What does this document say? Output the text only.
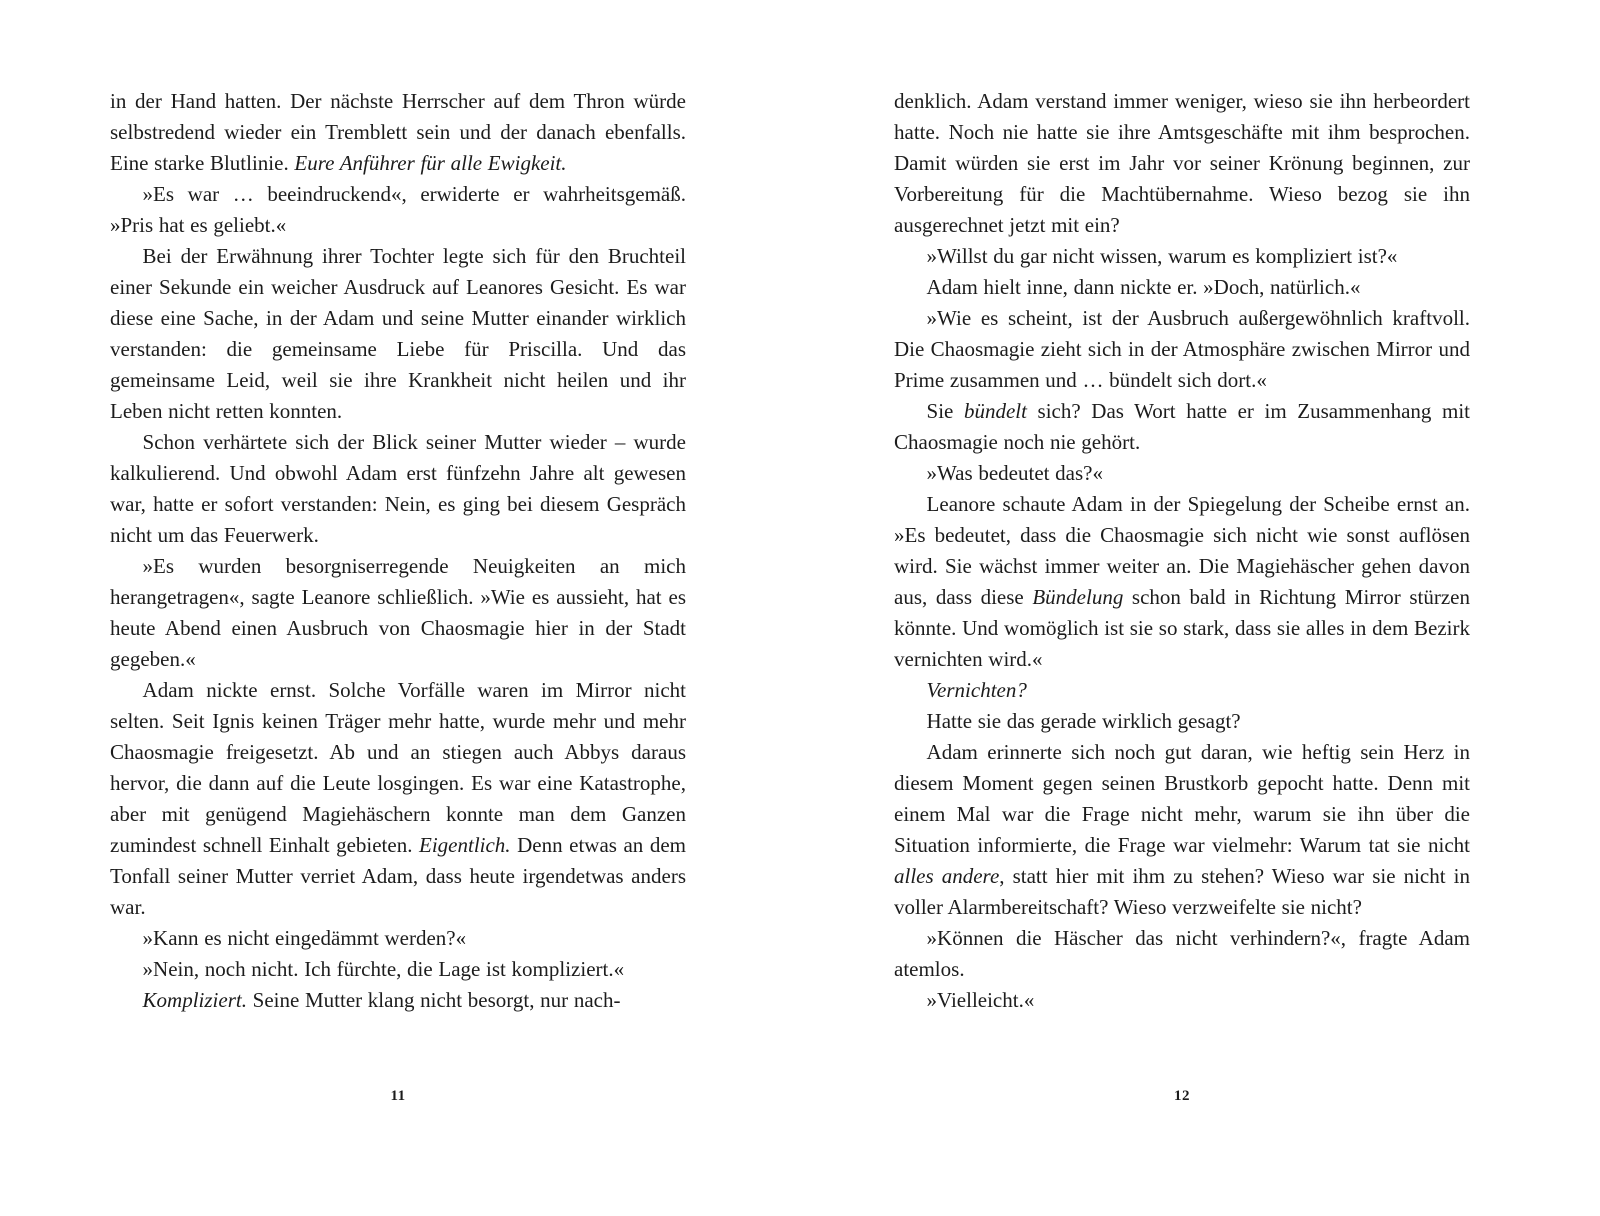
in der Hand hatten. Der nächste Herrscher auf dem Thron würde selbstredend wieder ein Tremblett sein und der danach ebenfalls. Eine starke Blutlinie. Eure Anführer für alle Ewigkeit.

»Es war … beeindruckend«, erwiderte er wahrheitsgemäß. »Pris hat es geliebt.«

Bei der Erwähnung ihrer Tochter legte sich für den Bruchteil einer Sekunde ein weicher Ausdruck auf Leanores Gesicht. Es war diese eine Sache, in der Adam und seine Mutter einander wirklich verstanden: die gemeinsame Liebe für Priscilla. Und das gemeinsame Leid, weil sie ihre Krankheit nicht heilen und ihr Leben nicht retten konnten.

Schon verhärtete sich der Blick seiner Mutter wieder – wurde kalkulierend. Und obwohl Adam erst fünfzehn Jahre alt gewesen war, hatte er sofort verstanden: Nein, es ging bei diesem Gespräch nicht um das Feuerwerk.

»Es wurden besorgniserregende Neuigkeiten an mich herangetragen«, sagte Leanore schließlich. »Wie es aussieht, hat es heute Abend einen Ausbruch von Chaosmagie hier in der Stadt gegeben.«

Adam nickte ernst. Solche Vorfälle waren im Mirror nicht selten. Seit Ignis keinen Träger mehr hatte, wurde mehr und mehr Chaosmagie freigesetzt. Ab und an stiegen auch Abbys daraus hervor, die dann auf die Leute losgingen. Es war eine Katastrophe, aber mit genügend Magiehäschern konnte man dem Ganzen zumindest schnell Einhalt gebieten. Eigentlich. Denn etwas an dem Tonfall seiner Mutter verriet Adam, dass heute irgendetwas anders war.

»Kann es nicht eingedämmt werden?«

»Nein, noch nicht. Ich fürchte, die Lage ist kompliziert.«

Kompliziert. Seine Mutter klang nicht besorgt, nur nach-

denklich. Adam verstand immer weniger, wieso sie ihn herbeordert hatte. Noch nie hatte sie ihre Amtsgeschäfte mit ihm besprochen. Damit würden sie erst im Jahr vor seiner Krönung beginnen, zur Vorbereitung für die Machtübernahme. Wieso bezog sie ihn ausgerechnet jetzt mit ein?

»Willst du gar nicht wissen, warum es kompliziert ist?«

Adam hielt inne, dann nickte er. »Doch, natürlich.«

»Wie es scheint, ist der Ausbruch außergewöhnlich kraftvoll. Die Chaosmagie zieht sich in der Atmosphäre zwischen Mirror und Prime zusammen und … bündelt sich dort.«

Sie bündelt sich? Das Wort hatte er im Zusammenhang mit Chaosmagie noch nie gehört.

»Was bedeutet das?«

Leanore schaute Adam in der Spiegelung der Scheibe ernst an. »Es bedeutet, dass die Chaosmagie sich nicht wie sonst auflösen wird. Sie wächst immer weiter an. Die Magiehäscher gehen davon aus, dass diese Bündelung schon bald in Richtung Mirror stürzen könnte. Und womöglich ist sie so stark, dass sie alles in dem Bezirk vernichten wird.«

Vernichten?

Hatte sie das gerade wirklich gesagt?

Adam erinnerte sich noch gut daran, wie heftig sein Herz in diesem Moment gegen seinen Brustkorb gepocht hatte. Denn mit einem Mal war die Frage nicht mehr, warum sie ihn über die Situation informierte, die Frage war vielmehr: Warum tat sie nicht alles andere, statt hier mit ihm zu stehen? Wieso war sie nicht in voller Alarmbereitschaft? Wieso verzweifelte sie nicht?

»Können die Häscher das nicht verhindern?«, fragte Adam atemlos.

»Vielleicht.«

11	12
